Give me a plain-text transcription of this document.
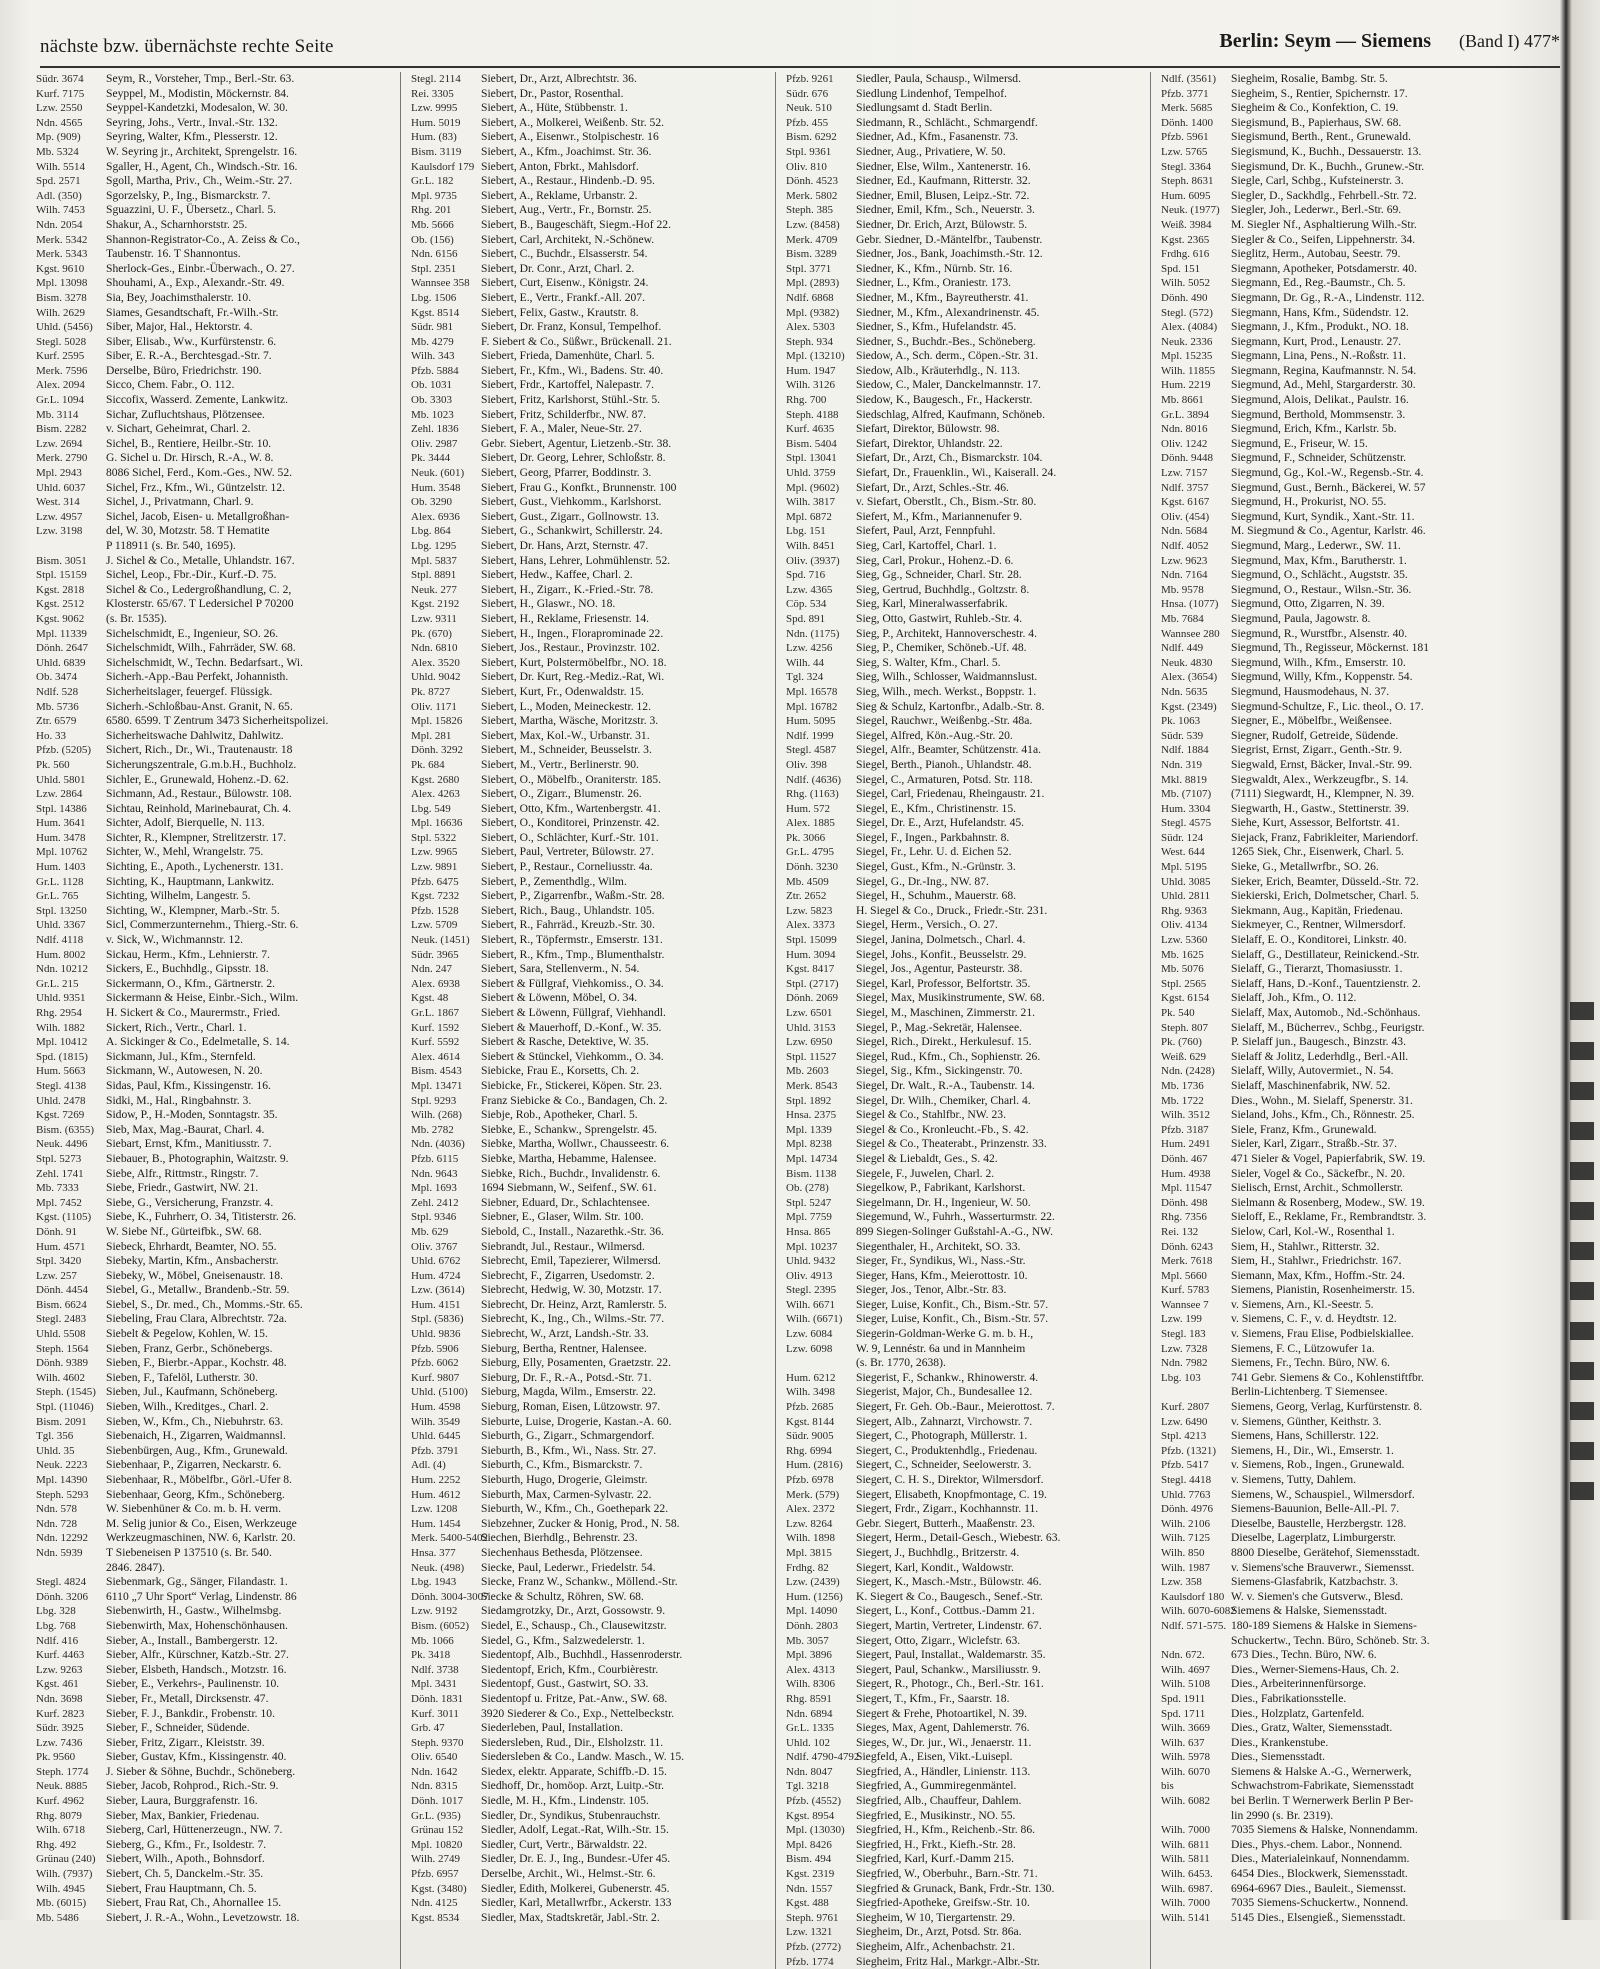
nächste bzw. übernächste rechte Seite	Berlin: Seym — Siemens (Band I) 477*
Südr. 3674	Seym, R., Vorsteher, Tmp., Berl.-Str. 63.
Kurf. 7175	Seyppel, M., Modistin, Möckernstr. 84.
Lzw. 2550	Seyppel-Kandetzki, Modesalon, W. 30.
Ndn. 4565	Seyring, Johs., Vertr., Inval.-Str. 132.
Mp. (909)	Seyring, Walter, Kfm., Plesserstr. 12.
Mb. 5324	W. Seyring jr., Architekt, Sprengelstr. 16.
Wilh. 5514	Sgaller, H., Agent, Ch., Windsch.-Str. 16.
Spd. 2571	Sgoll, Martha, Priv., Ch., Weim.-Str. 27.
Adl. (350)	Sgorzelsky, P., Ing., Bismarckstr. 7.
Wilh. 7453	Sguazzini, U. F., Übersetz., Charl. 5.
Ndn. 2054	Shakur, A., Scharnhorststr. 25.
Merk. 5342	Shannon-Registrator-Co., A. Zeiss & Co.,
Merk. 5343	Taubenstr. 16. T Shannontus.
Kgst. 9610	Sherlock-Ges., Einbr.-Überwach., O. 27.
Mpl. 13098	Shouhami, A., Exp., Alexandr.-Str. 49.
Bism. 3278	Sia, Bey, Joachimsthalerstr. 10.
Wilh. 2629	Siames, Gesandtschaft, Fr.-Wilh.-Str.
Uhld. (5456)	Siber, Major, Hal., Hektorstr. 4.
Stegl. 5028	Siber, Elisab., Ww., Kurfürstenstr. 6.
Kurf. 2595	Siber, E. R.-A., Berchtesgad.-Str. 7.
Merk. 7596	Derselbe, Büro, Friedrichstr. 190.
Alex. 2094	Sicco, Chem. Fabr., O. 112.
Gr.L. 1094	Siccofix, Wasserd. Zemente, Lankwitz.
Mb. 3114	Sichar, Zufluchtshaus, Plötzensee.
Bism. 2282	v. Sichart, Geheimrat, Charl. 2.
Lzw. 2694	Sichel, B., Rentiere, Heilbr.-Str. 10.
Merk. 2790	G. Sichel u. Dr. Hirsch, R.-A., W. 8.
Mpl. 2943	8086 Sichel, Ferd., Kom.-Ges., NW. 52.
Uhld. 6037	Sichel, Frz., Kfm., Wi., Güntzelstr. 12.
West. 314	Sichel, J., Privatmann, Charl. 9.
Lzw. 4957	Sichel, Jacob, Eisen- u. Metallgroßhan-
Lzw. 3198	del, W. 30, Motzstr. 58. T Hematite
P 118911 (s. Br. 540, 1695).
Bism. 3051	J. Sichel & Co., Metalle, Uhlandstr. 167.
Stpl. 15159	Sichel, Leop., Fbr.-Dir., Kurf.-D. 75.
Kgst. 2818	Sichel & Co., Ledergroßhandlung, C. 2,
Kgst. 2512	Klosterstr. 65/67. T Ledersichel P 70200
Kgst. 9062	(s. Br. 1535).
Mpl. 11339	Sichelschmidt, E., Ingenieur, SO. 26.
Dönh. 2647	Sichelschmidt, Wilh., Fahrräder, SW. 68.
Uhld. 6839	Sichelschmidt, W., Techn. Bedarfsart., Wi.
Ob. 3474	Sicherh.-App.-Bau Perfekt, Johannisth.
Ndlf. 528	Sicherheitslager, feuergef. Flüssigk.
Mb. 5736	Sicherh.-Schloßbau-Anst. Granit, N. 65.
Ztr. 6579	6580. 6599. T Zentrum 3473 Sicherheitspolizei.
Ho. 33	Sicherheitswache Dahlwitz, Dahlwitz.
Pfzb. (5205)	Sichert, Rich., Dr., Wi., Trautenaustr. 18
Pk. 560	Sicherungszentrale, G.m.b.H., Buchholz.
Uhld. 5801	Sichler, E., Grunewald, Hohenz.-D. 62.
Lzw. 2864	Sichmann, Ad., Restaur., Bülowstr. 108.
Stpl. 14386	Sichtau, Reinhold, Marinebaurat, Ch. 4.
Hum. 3641	Sichter, Adolf, Bierquelle, N. 113.
Hum. 3478	Sichter, R., Klempner, Strelitzerstr. 17.
Mpl. 10762	Sichter, W., Mehl, Wrangelstr. 75.
Hum. 1403	Sichting, E., Apoth., Lychenerstr. 131.
Gr.L. 1128	Sichting, K., Hauptmann, Lankwitz.
Gr.L. 765	Sichting, Wilhelm, Langestr. 5.
Stpl. 13250	Sichting, W., Klempner, Marb.-Str. 5.
Uhld. 3367	Sicl, Commerzunternehm., Thierg.-Str. 6.
Ndlf. 4118	v. Sick, W., Wichmannstr. 12.
Hum. 8002	Sickau, Herm., Kfm., Lehnierstr. 7.
Ndn. 10212	Sickers, E., Buchhdlg., Gipsstr. 18.
Gr.L. 215	Sickermann, O., Kfm., Gärtnerstr. 2.
Uhld. 9351	Sickermann & Heise, Einbr.-Sich., Wilm.
Rhg. 2954	H. Sickert & Co., Maurermstr., Fried.
Wilh. 1882	Sickert, Rich., Vertr., Charl. 1.
Mpl. 10412	A. Sickinger & Co., Edelmetalle, S. 14.
Spd. (1815)	Sickmann, Jul., Kfm., Sternfeld.
Hum. 5663	Sickmann, W., Autowesen, N. 20.
Stegl. 4138	Sidas, Paul, Kfm., Kissingenstr. 16.
Uhld. 2478	Sidki, M., Hal., Ringbahnstr. 3.
Kgst. 7269	Sidow, P., H.-Moden, Sonntagstr. 35.
Bism. (6355)	Sieb, Max, Mag.-Baurat, Charl. 4.
Neuk. 4496	Siebart, Ernst, Kfm., Manitiusstr. 7.
Stpl. 5273	Siebauer, B., Photographin, Waitzstr. 9.
Zehl. 1741	Siebe, Alfr., Rittmstr., Ringstr. 7.
Mb. 7333	Siebe, Friedr., Gastwirt, NW. 21.
Mpl. 7452	Siebe, G., Versicherung, Franzstr. 4.
Kgst. (1105)	Siebe, K., Fuhrherr, O. 34, Titisterstr. 26.
Dönh. 91	W. Siebe Nf., Gürteifbk., SW. 68.
Hum. 4571	Siebeck, Ehrhardt, Beamter, NO. 55.
Stpl. 3420	Siebeky, Martin, Kfm., Ansbacherstr.
Lzw. 257	Siebeky, W., Möbel, Gneisenaustr. 18.
Dönh. 4454	Siebel, G., Metallw., Brandenb.-Str. 59.
Bism. 6624	Siebel, S., Dr. med., Ch., Momms.-Str. 65.
Stegl. 2483	Siebeling, Frau Clara, Albrechtstr. 72a.
Uhld. 5508	Siebelt & Pegelow, Kohlen, W. 15.
Steph. 1564	Sieben, Franz, Gerbr., Schönebergs.
Dönh. 9389	Sieben, F., Bierbr.-Appar., Kochstr. 48.
Wilh. 4602	Sieben, F., Tafelöl, Lutherstr. 30.
Steph. (1545) Sieben, Jul., Kaufmann, Schöneberg.
Stpl. (11046)	Sieben, Wilh., Kreditges., Charl. 2.
Bism. 2091	Sieben, W., Kfm., Ch., Niebuhrstr. 63.
Tgl. 356	Siebenaich, H., Zigarren, Waidmannsl.
Uhld. 35	Siebenbürgen, Aug., Kfm., Grunewald.
Neuk. 2223	Siebenhaar, P., Zigarren, Neckarstr. 6.
Mpl. 14390	Siebenhaar, R., Möbelfbr., Görl.-Ufer 8.
Steph. 5293	Siebenhaar, Georg, Kfm., Schöneberg.
Ndn. 578	W. Siebenhüner & Co. m. b. H. verm.
Ndn. 728	M. Selig junior & Co., Eisen, Werkzeuge
Ndn. 12292	Werkzeugmaschinen, NW. 6, Karlstr. 20.
Ndn. 5939	T Siebeneisen P 137510 (s. Br. 540.
2846. 2847).
Stegl. 4824	Siebenmark, Gg., Sänger, Filandastr. 1.
Dönh. 3206	6110 „7 Uhr Sport“ Verlag, Lindenstr. 86
Lbg. 328	Siebenwirth, H., Gastw., Wilhelmsbg.
Lbg. 768	Siebenwirth, Max, Hohenschönhausen.
Ndlf. 416	Sieber, A., Install., Bambergerstr. 12.
Kurf. 4463	Sieber, Alfr., Kürschner, Katzb.-Str. 27.
Lzw. 9263	Sieber, Elsbeth, Handsch., Motzstr. 16.
Kgst. 461	Sieber, E., Verkehrs-, Paulinenstr. 10.
Ndn. 3698	Sieber, Fr., Metall, Dircksenstr. 47.
Kurf. 2823	Sieber, F. J., Bankdir., Frobenstr. 10.
Südr. 3925	Sieber, F., Schneider, Südende.
Lzw. 7436	Sieber, Fritz, Zigarr., Kleiststr. 39.
Pk. 9560	Sieber, Gustav, Kfm., Kissingenstr. 40.
Steph. 1774	J. Sieber & Söhne, Buchdr., Schöneberg.
Neuk. 8885	Sieber, Jacob, Rohprod., Rich.-Str. 9.
Kurf. 4962	Sieber, Laura, Burggrafenstr. 16.
Rhg. 8079	Sieber, Max, Bankier, Friedenau.
Wilh. 6718	Sieberg, Carl, Hüttenerzeugn., NW. 7.
Rhg. 492	Sieberg, G., Kfm., Fr., Isoldestr. 7.
Grünau (240) Siebert, Wilh., Apoth., Bohnsdorf.
Wilh. (7937)	Siebert, Ch. 5, Danckelm.-Str. 35.
Wilh. 4945	Siebert, Frau Hauptmann, Ch. 5.
Mb. (6015)	Siebert, Frau Rat, Ch., Ahornallee 15.
Mb. 5486	Siebert, J. R.-A., Wohn., Levetzowstr. 18.
Stegl. 2114	Siebert, Dr., Arzt, Albrechtstr. 36.
Rei. 3305	Siebert, Dr., Pastor, Rosenthal.
Lzw. 9995	Siebert, A., Hüte, Stübbenstr. 1.
Hum. 5019	Siebert, A., Molkerei, Weißenb. Str. 52.
Hum. (83)	Siebert, A., Eisenwr., Stolpischestr. 16
Bism. 3119	Siebert, A., Kfm., Joachimst. Str. 36.
Kaulsdorf 179 Siebert, Anton, Fbrkt., Mahlsdorf.
Gr.L. 182	Siebert, A., Restaur., Hindenb.-D. 95.
Mpl. 9735	Siebert, A., Reklame, Urbanstr. 2.
Rhg. 201	Siebert, Aug., Vertr., Fr., Bornstr. 25.
Mb. 5666	Siebert, B., Baugeschäft, Siegm.-Hof 22.
Ob. (156)	Siebert, Carl, Architekt, N.-Schönew.
Ndn. 6156	Siebert, C., Buchdr., Elsasserstr. 54.
Stpl. 2351	Siebert, Dr. Conr., Arzt, Charl. 2.
Wannsee 358 Siebert, Curt, Eisenw., Königstr. 24.
Lbg. 1506	Siebert, E., Vertr., Frankf.-All. 207.
Kgst. 8514	Siebert, Felix, Gastw., Krautstr. 8.
Südr. 981	Siebert, Dr. Franz, Konsul, Tempelhof.
Mb. 4279	F. Siebert & Co., Süßwr., Brückenall. 21.
Wilh. 343	Siebert, Frieda, Damenhüte, Charl. 5.
Pfzb. 5884	Siebert, Fr., Kfm., Wi., Badens. Str. 40.
Ob. 1031	Siebert, Frdr., Kartoffel, Nalepastr. 7.
Ob. 3303	Siebert, Fritz, Karlshorst, Stühl.-Str. 5.
Mb. 1023	Siebert, Fritz, Schilderfbr., NW. 87.
Zehl. 1836	Siebert, F. A., Maler, Neue-Str. 27.
Oliv. 2987	Gebr. Siebert, Agentur, Lietzenb.-Str. 38.
Pk. 3444	Siebert, Dr. Georg, Lehrer, Schloßstr. 8.
Neuk. (601)	Siebert, Georg, Pfarrer, Boddinstr. 3.
Hum. 3548	Siebert, Frau G., Konfkt., Brunnenstr. 100
Ob. 3290	Siebert, Gust., Viehkomm., Karlshorst.
Alex. 6936	Siebert, Gust., Zigarr., Gollnowstr. 13.
Lbg. 864	Siebert, G., Schankwirt, Schillerstr. 24.
Lbg. 1295	Siebert, Dr. Hans, Arzt, Sternstr. 47.
Mpl. 5837	Siebert, Hans, Lehrer, Lohmühlenstr. 52.
Stpl. 8891	Siebert, Hedw., Kaffee, Charl. 2.
Neuk. 277	Siebert, H., Zigarr., K.-Fried.-Str. 78.
Kgst. 2192	Siebert, H., Glaswr., NO. 18.
Lzw. 9311	Siebert, H., Reklame, Friesenstr. 14.
Pk. (670)	Siebert, H., Ingen., Floraprominade 22.
Ndn. 6810	Siebert, Jos., Restaur., Provinzstr. 102.
Alex. 3520	Siebert, Kurt, Polstermöbelfbr., NO. 18.
Uhld. 9042	Siebert, Dr. Kurt, Reg.-Mediz.-Rat, Wi.
Pk. 8727	Siebert, Kurt, Fr., Odenwaldstr. 15.
Oliv. 1171	Siebert, L., Moden, Meineckestr. 12.
Mpl. 15826	Siebert, Martha, Wäsche, Moritzstr. 3.
Mpl. 281	Siebert, Max, Kol.-W., Urbanstr. 31.
Dönh. 3292	Siebert, M., Schneider, Beusselstr. 3.
Pk. 684	Siebert, M., Vertr., Berlinerstr. 90.
Kgst. 2680	Siebert, O., Möbelfb., Oraniterstr. 185.
Alex. 4263	Siebert, O., Zigarr., Blumenstr. 26.
Lbg. 549	Siebert, Otto, Kfm., Wartenbergstr. 41.
Mpl. 16636	Siebert, O., Konditorei, Prinzenstr. 42.
Stpl. 5322	Siebert, O., Schlächter, Kurf.-Str. 101.
Lzw. 9965	Siebert, Paul, Vertreter, Bülowstr. 27.
Lzw. 9891	Siebert, P., Restaur., Corneliusstr. 4a.
Pfzb. 6475	Siebert, P., Zementhdlg., Wilm.
Kgst. 7232	Siebert, P., Zigarrenfbr., Waßm.-Str. 28.
Pfzb. 1528	Siebert, Rich., Baug., Uhlandstr. 105.
Lzw. 5709	Siebert, R., Fahrräd., Kreuzb.-Str. 30.
Neuk. (1451) Siebert, R., Töpfermstr., Emserstr. 131.
Südr. 3965	Siebert, R., Kfm., Tmp., Blumenthalstr.
Ndn. 247	Siebert, Sara, Stellenverm., N. 54.
Alex. 6938	Siebert & Füllgraf, Viehkomiss., O. 34.
Kgst. 48	Siebert & Löwenn, Möbel, O. 34.
Gr.L. 1867	Siebert & Löwenn, Füllgraf, Viehhandl.
Kurf. 1592	Siebert & Mauerhoff, D.-Konf., W. 35.
Kurf. 5592	Siebert & Rasche, Detektive, W. 35.
Alex. 4614	Siebert & Stünckel, Viehkomm., O. 34.
Bism. 4543	Siebicke, Frau E., Korsetts, Ch. 2.
Mpl. 13471	Siebicke, Fr., Stickerei, Köpen. Str. 23.
Stpl. 9293	Franz Siebicke & Co., Bandagen, Ch. 2.
Wilh. (268)	Siebje, Rob., Apotheker, Charl. 5.
Mb. 2782	Siebke, E., Schankw., Sprengelstr. 45.
Ndn. (4036)	Siebke, Martha, Wollwr., Chausseestr. 6.
Pfzb. 6115	Siebke, Martha, Hebamme, Halensee.
Ndn. 9643	Siebke, Rich., Buchdr., Invalidenstr. 6.
Mpl. 1693	1694 Siebmann, W., Seifenf., SW. 61.
Zehl. 2412	Siebner, Eduard, Dr., Schlachtensee.
Stpl. 9346	Siebner, E., Glaser, Wilm. Str. 100.
Mb. 629	Siebold, C., Install., Nazarethk.-Str. 36.
Oliv. 3767	Siebrandt, Jul., Restaur., Wilmersd.
Uhld. 6762	Siebrecht, Emil, Tapezierer, Wilmersd.
Hum. 4724	Siebrecht, F., Zigarren, Usedomstr. 2.
Lzw. (3614)	Siebrecht, Hedwig, W. 30, Motzstr. 17.
Hum. 4151	Siebrecht, Dr. Heinz, Arzt, Ramlerstr. 5.
Stpl. (5836)	Siebrecht, K., Ing., Ch., Wilms.-Str. 77.
Uhld. 9836	Siebrecht, W., Arzt, Landsh.-Str. 33.
Pfzb. 5906	Sieburg, Bertha, Rentner, Halensee.
Pfzb. 6062	Sieburg, Elly, Posamenten, Graetzstr. 22.
Kurf. 9807	Sieburg, Dr. F., R.-A., Potsd.-Str. 71.
Uhld. (5100)	Sieburg, Magda, Wilm., Emserstr. 22.
Hum. 4598	Sieburg, Roman, Eisen, Lützowstr. 97.
Wilh. 3549	Sieburte, Luise, Drogerie, Kastan.-A. 60.
Uhld. 6445	Sieburth, G., Zigarr., Schmargendorf.
Pfzb. 3791	Sieburth, B., Kfm., Wi., Nass. Str. 27.
Adl. (4)	Sieburth, C., Kfm., Bismarckstr. 7.
Hum. 2252	Sieburth, Hugo, Drogerie, Gleimstr.
Hum. 4612	Sieburth, Max, Carmen-Sylvastr. 22.
Lzw. 1208	Sieburth, W., Kfm., Ch., Goethepark 22.
Hum. 1454	Siebzehner, Zucker & Honig, Prod., N. 58.
Merk. 5400-5402
Siechen, Bierhdlg., Behrenstr. 23.
Hnsa. 377	Siechenhaus Bethesda, Plötzensee.
Neuk. (498)	Siecke, Paul, Lederwr., Friedelstr. 54.
Lbg. 1943	Siecke, Franz W., Schankw., Möllend.-Str.
Dönh. 3004-3007
Siecke & Schultz, Röhren, SW. 68.
Lzw. 9192	Siedamgrotzky, Dr., Arzt, Gossowstr. 9.
Bism. (6052)	Siedel, E., Schausp., Ch., Clausewitzstr.
Mb. 1066	Siedel, G., Kfm., Salzwedelerstr. 1.
Pk. 3418	Siedentopf, Alb., Buchhdl., Hassenroderstr.
Ndlf. 3738	Siedentopf, Erich, Kfm., Courbièrestr.
Mpl. 3431	Siedentopf, Gust., Gastwirt, SO. 33.
Dönh. 1831	Siedentopf u. Fritze, Pat.-Anw., SW. 68.
Kurf. 3011	3920 Siederer & Co., Exp., Nettelbeckstr.
Grb. 47	Siederleben, Paul, Installation.
Steph. 9370	Siedersleben, Rud., Dir., Elsholzstr. 11.
Oliv. 6540	Siedersleben & Co., Landw. Masch., W. 15.
Ndn. 1642	Siedex, elektr. Apparate, Schiffb.-D. 15.
Ndn. 8315	Siedhoff, Dr., homöop. Arzt, Luitp.-Str.
Dönh. 1017	Siedle, M. H., Kfm., Lindenstr. 105.
Gr.L. (935)	Siedler, Dr., Syndikus, Stubenrauchstr.
Grünau 152	Siedler, Adolf, Legat.-Rat, Wilh.-Str. 15.
Mpl. 10820	Siedler, Curt, Vertr., Bärwaldstr. 22.
Wilh. 2749	Siedler, Dr. E. J., Ing., Bundesr.-Ufer 45.
Pfzb. 6957	Derselbe, Archit., Wi., Helmst.-Str. 6.
Kgst. (3480)	Siedler, Edith, Molkerei, Gubenerstr. 45.
Ndn. 4125	Siedler, Karl, Metallwrfbr., Ackerstr. 133
Kgst. 8534	Siedler, Max, Stadtskretär, Jabl.-Str. 2.
Pfzb. 9261	Siedler, Paula, Schausp., Wilmersd.
Südr. 676	Siedlung Lindenhof, Tempelhof.
Neuk. 510	Siedlungsamt d. Stadt Berlin.
Pfzb. 455	Siedmann, R., Schlächt., Schmargendf.
Bism. 6292	Siedner, Ad., Kfm., Fasanenstr. 73.
Stpl. 9361	Siedner, Aug., Privatiere, W. 50.
Oliv. 810	Siedner, Else, Wilm., Xantenerstr. 16.
Dönh. 4523	Siedner, Ed., Kaufmann, Ritterstr. 32.
Merk. 5802	Siedner, Emil, Blusen, Leipz.-Str. 72.
Steph. 385	Siedner, Emil, Kfm., Sch., Neuerstr. 3.
Lzw. (8458)	Siedner, Dr. Erich, Arzt, Bülowstr. 5.
Merk. 4709	Gebr. Siedner, D.-Mäntelfbr., Taubenstr.
Bism. 3289	Siedner, Jos., Bank, Joachimsth.-Str. 12.
Stpl. 3771	Siedner, K., Kfm., Nürnb. Str. 16.
Mpl. (2893)	Siedner, L., Kfm., Oraniestr. 173.
Ndlf. 6868	Siedner, M., Kfm., Bayreutherstr. 41.
Mpl. (9382)	Siedner, M., Kfm., Alexandrinenstr. 45.
Alex. 5303	Siedner, S., Kfm., Hufelandstr. 45.
Steph. 934	Siedner, S., Buchdr.-Bes., Schöneberg.
Mpl. (13210) Siedow, A., Sch. derm., Cöpen.-Str. 31.
Hum. 1947	Siedow, Alb., Kräuterhdlg., N. 113.
Wilh. 3126	Siedow, C., Maler, Danckelmannstr. 17.
Rhg. 700	Siedow, K., Baugesch., Fr., Hackerstr.
Steph. 4188	Siedschlag, Alfred, Kaufmann, Schöneb.
Kurf. 4635	Siefart, Direktor, Bülowstr. 98.
Bism. 5404	Siefart, Direktor, Uhlandstr. 22.
Stpl. 13041	Siefart, Dr., Arzt, Ch., Bismarckstr. 104.
Uhld. 3759	Siefart, Dr., Frauenklin., Wi., Kaiserall. 24.
Mpl. (9602)	Siefart, Dr., Arzt, Schles.-Str. 46.
Wilh. 3817	v. Siefart, Oberstlt., Ch., Bism.-Str. 80.
Mpl. 6872	Siefert, M., Kfm., Mariannenufer 9.
Lbg. 151	Siefert, Paul, Arzt, Fennpfuhl.
Wilh. 8451	Sieg, Carl, Kartoffel, Charl. 1.
Oliv. (3937)	Sieg, Carl, Prokur., Hohenz.-D. 6.
Spd. 716	Sieg, Gg., Schneider, Charl. Str. 28.
Lzw. 4365	Sieg, Gertrud, Buchhdlg., Goltzstr. 8.
Cöp. 534	Sieg, Karl, Mineralwasserfabrik.
Spd. 891	Sieg, Otto, Gastwirt, Ruhleb.-Str. 4.
Ndn. (1175)	Sieg, P., Architekt, Hannoverschestr. 4.
Lzw. 4256	Sieg, P., Chemiker, Schöneb.-Uf. 48.
Wilh. 44	Sieg, S. Walter, Kfm., Charl. 5.
Tgl. 324	Sieg, Wilh., Schlosser, Waidmannslust.
Mpl. 16578	Sieg, Wilh., mech. Werkst., Boppstr. 1.
Mpl. 16782	Sieg & Schulz, Kartonfbr., Adalb.-Str. 8.
Hum. 5095	Siegel, Rauchwr., Weißenbg.-Str. 48a.
Ndlf. 1999	Siegel, Alfred, Kön.-Aug.-Str. 20.
Stegl. 4587	Siegel, Alfr., Beamter, Schützenstr. 41a.
Oliv. 398	Siegel, Berth., Pianoh., Uhlandstr. 48.
Ndlf. (4636)	Siegel, C., Armaturen, Potsd. Str. 118.
Rhg. (1163)	Siegel, Carl, Friedenau, Rheingaustr. 21.
Hum. 572	Siegel, E., Kfm., Christinenstr. 15.
Alex. 1885	Siegel, Dr. E., Arzt, Hufelandstr. 45.
Pk. 3066	Siegel, F., Ingen., Parkbahnstr. 8.
Gr.L. 4795	Siegel, Fr., Lehr. U. d. Eichen 52.
Dönh. 3230	Siegel, Gust., Kfm., N.-Grünstr. 3.
Mb. 4509	Siegel, G., Dr.-Ing., NW. 87.
Ztr. 2652	Siegel, H., Schuhm., Mauerstr. 68.
Lzw. 5823	H. Siegel & Co., Druck., Friedr.-Str. 231.
Alex. 3373	Siegel, Herm., Versich., O. 27.
Stpl. 15099	Siegel, Janina, Dolmetsch., Charl. 4.
Hum. 3094	Siegel, Johs., Konfit., Beusselstr. 29.
Kgst. 8417	Siegel, Jos., Agentur, Pasteurstr. 38.
Stpl. (2717)	Siegel, Karl, Professor, Belfortstr. 35.
Dönh. 2069	Siegel, Max, Musikinstrumente, SW. 68.
Lzw. 6501	Siegel, M., Maschinen, Zimmerstr. 21.
Uhld. 3153	Siegel, P., Mag.-Sekretär, Halensee.
Lzw. 6950	Siegel, Rich., Direkt., Herkulesuf. 15.
Stpl. 11527	Siegel, Rud., Kfm., Ch., Sophienstr. 26.
Mb. 2603	Siegel, Sig., Kfm., Sickingenstr. 70.
Merk. 8543	Siegel, Dr. Walt., R.-A., Taubenstr. 14.
Stpl. 1892	Siegel, Dr. Wilh., Chemiker, Charl. 4.
Hnsa. 2375	Siegel & Co., Stahlfbr., NW. 23.
Mpl. 1339	Siegel & Co., Kronleucht.-Fb., S. 42.
Mpl. 8238	Siegel & Co., Theaterabt., Prinzenstr. 33.
Mpl. 14734	Siegel & Liebaldt, Ges., S. 42.
Bism. 1138	Siegele, F., Juwelen, Charl. 2.
Ob. (278)	Siegelkow, P., Fabrikant, Karlshorst.
Stpl. 5247	Siegelmann, Dr. H., Ingenieur, W. 50.
Mpl. 7759	Siegemund, W., Fuhrh., Wasserturmstr. 22.
Hnsa. 865	899 Siegen-Solinger Gußstahl-A.-G., NW.
Mpl. 10237	Siegenthaler, H., Architekt, SO. 33.
Uhld. 9432	Sieger, Fr., Syndikus, Wi., Nass.-Str.
Oliv. 4913	Sieger, Hans, Kfm., Meierottostr. 10.
Stegl. 2395	Sieger, Jos., Tenor, Albr.-Str. 83.
Wilh. 6671	Sieger, Luise, Konfit., Ch., Bism.-Str. 57.
Wilh. (6671)	Sieger, Luise, Konfit., Ch., Bism.-Str. 57.
Lzw. 6084	Siegerin-Goldman-Werke G. m. b. H.,
Lzw. 6098	W. 9, Lennéstr. 6a und in Mannheim
(s. Br. 1770, 2638).
Hum. 6212	Siegerist, F., Schankw., Rhinowerstr. 4.
Wilh. 3498	Siegerist, Major, Ch., Bundesallee 12.
Pfzb. 2685	Siegert, Fr. Geh. Ob.-Baur., Meierottost. 7.
Kgst. 8144	Siegert, Alb., Zahnarzt, Virchowstr. 7.
Südr. 9005	Siegert, C., Photograph, Müllerstr. 1.
Rhg. 6994	Siegert, C., Produktenhdlg., Friedenau.
Hum. (2816)	Siegert, C., Schneider, Seelowerstr. 3.
Pfzb. 6978	Siegert, C. H. S., Direktor, Wilmersdorf.
Merk. (579)	Siegert, Elisabeth, Knopfmontage, C. 19.
Alex. 2372	Siegert, Frdr., Zigarr., Kochhannstr. 11.
Lzw. 8264	Gebr. Siegert, Butterh., Maaßenstr. 23.
Wilh. 1898	Siegert, Herm., Detail-Gesch., Wiebestr. 63.
Mpl. 3815	Siegert, J., Buchhdlg., Britzerstr. 4.
Frdhg. 82	Siegert, Karl, Kondit., Waldowstr.
Lzw. (2439)	Siegert, K., Masch.-Mstr., Bülowstr. 46.
Hum. (1256)	K. Siegert & Co., Baugesch., Senef.-Str.
Mpl. 14090	Siegert, L., Konf., Cottbus.-Damm 21.
Dönh. 2803	Siegert, Martin, Vertreter, Lindenstr. 67.
Mb. 3057	Siegert, Otto, Zigarr., Wiclefstr. 63.
Mpl. 3896	Siegert, Paul, Installat., Waldemarstr. 35.
Alex. 4313	Siegert, Paul, Schankw., Marsiliusstr. 9.
Wilh. 8306	Siegert, R., Photogr., Ch., Berl.-Str. 161.
Rhg. 8591	Siegert, T., Kfm., Fr., Saarstr. 18.
Ndn. 6894	Siegert & Frehe, Photoartikel, N. 39.
Gr.L. 1335	Sieges, Max, Agent, Dahlemerstr. 76.
Uhld. 102	Sieges, W., Dr. jur., Wi., Jenaerstr. 11.
Ndlf. 4790-4792
Siegfeld, A., Eisen, Vikt.-Luisepl.
Ndn. 8047	Siegfried, A., Händler, Linienstr. 113.
Tgl. 3218	Siegfried, A., Gummiregenmäntel.
Pfzb. (4552)	Siegfried, Alb., Chauffeur, Dahlem.
Kgst. 8954	Siegfried, E., Musikinstr., NO. 55.
Mpl. (13030) Siegfried, H., Kfm., Reichenb.-Str. 86.
Mpl. 8426	Siegfried, H., Frkt., Kiefh.-Str. 28.
Bism. 494	Siegfried, Karl, Kurf.-Damm 215.
Kgst. 2319	Siegfried, W., Oberbuhr., Barn.-Str. 71.
Ndn. 1557	Siegfried & Grunack, Bank, Frdr.-Str. 130.
Kgst. 488	Siegfried-Apotheke, Greifsw.-Str. 10.
Steph. 9761	Siegheim, W 10, Tiergartenstr. 29.
Lzw. 1321	Siegheim, Dr., Arzt, Potsd. Str. 86a.
Pfzb. (2772)	Siegheim, Alfr., Achenbachstr. 21.
Pfzb. 1774	Siegheim, Fritz Hal., Markgr.-Albr.-Str.
Ndlf. (3561)	Siegheim, Rosalie, Bambg. Str. 5.
Pfzb. 3771	Siegheim, S., Rentier, Spichernstr. 17.
Merk. 5685	Siegheim & Co., Konfektion, C. 19.
Dönh. 1400	Siegismund, B., Papierhaus, SW. 68.
Pfzb. 5961	Siegismund, Berth., Rent., Grunewald.
Lzw. 5765	Siegismund, K., Buchh., Dessauerstr. 13.
Stegl. 3364	Siegismund, Dr. K., Buchh., Grunew.-Str.
Steph. 8631	Siegle, Carl, Schbg., Kufsteinerstr. 3.
Hum. 6095	Siegler, D., Sackhdlg., Fehrbell.-Str. 72.
Neuk. (1977) Siegler, Joh., Lederwr., Berl.-Str. 69.
Weiß. 3984	M. Siegler Nf., Asphaltierung Wilh.-Str.
Kgst. 2365	Siegler & Co., Seifen, Lippehnerstr. 34.
Frdhg. 616	Sieglitz, Herm., Autobau, Seestr. 79.
Spd. 151	Siegmann, Apotheker, Potsdamerstr. 40.
Wilh. 5052	Siegmann, Ed., Reg.-Baumstr., Ch. 5.
Dönh. 490	Siegmann, Dr. Gg., R.-A., Lindenstr. 112.
Stegl. (572)	Siegmann, Hans, Kfm., Südendstr. 12.
Alex. (4084)	Siegmann, J., Kfm., Produkt., NO. 18.
Neuk. 2336	Siegmann, Kurt, Prod., Lenaustr. 27.
Mpl. 15235	Siegmann, Lina, Pens., N.-Roßstr. 11.
Wilh. 11855	Siegmann, Regina, Kaufmannstr. N. 54.
Hum. 2219	Siegmund, Ad., Mehl, Stargarderstr. 30.
Mb. 8661	Siegmund, Alois, Delikat., Paulstr. 16.
Gr.L. 3894	Siegmund, Berthold, Mommsenstr. 3.
Ndn. 8016	Siegmund, Erich, Kfm., Karlstr. 5b.
Oliv. 1242	Siegmund, E., Friseur, W. 15.
Dönh. 9448	Siegmund, F., Schneider, Schützenstr.
Lzw. 7157	Siegmund, Gg., Kol.-W., Regensb.-Str. 4.
Ndlf. 3757	Siegmund, Gust., Bernh., Bäckerei, W. 57
Kgst. 6167	Siegmund, H., Prokurist, NO. 55.
Oliv. (454)	Siegmund, Kurt, Syndik., Xant.-Str. 11.
Ndn. 5684	M. Siegmund & Co., Agentur, Karlstr. 46.
Ndlf. 4052	Siegmund, Marg., Lederwr., SW. 11.
Lzw. 9623	Siegmund, Max, Kfm., Barutherstr. 1.
Ndn. 7164	Siegmund, O., Schlächt., Augststr. 35.
Mb. 9578	Siegmund, O., Restaur., Wilsn.-Str. 36.
Hnsa. (1077)	Siegmund, Otto, Zigarren, N. 39.
Mb. 7684	Siegmund, Paula, Jagowstr. 8.
Wannsee 280 Siegmund, R., Wurstfbr., Alsenstr. 40.
Ndlf. 449	Siegmund, Th., Regisseur, Möckernst. 181
Neuk. 4830	Siegmund, Wilh., Kfm., Emserstr. 10.
Alex. (3654)	Siegmund, Willy, Kfm., Koppenstr. 54.
Ndn. 5635	Siegmund, Hausmodehaus, N. 37.
Kgst. (2349)	Siegmund-Schultze, F., Lic. theol., O. 17.
Pk. 1063	Siegner, E., Möbelfbr., Weißensee.
Südr. 539	Siegner, Rudolf, Getreide, Südende.
Ndlf. 1884	Siegrist, Ernst, Zigarr., Genth.-Str. 9.
Ndn. 319	Siegwald, Ernst, Bäcker, Inval.-Str. 99.
Mkl. 8819	Siegwaldt, Alex., Werkzeugfbr., S. 14.
Mb. (7107)	(7111) Siegwardt, H., Klempner, N. 39.
Hum. 3304	Siegwarth, H., Gastw., Stettinerstr. 39.
Stegl. 4575	Siehe, Kurt, Assessor, Belfortstr. 41.
Südr. 124	Siejack, Franz, Fabrikleiter, Mariendorf.
West. 644	1265 Siek, Chr., Eisenwerk, Charl. 5.
Mpl. 5195	Sieke, G., Metallwrfbr., SO. 26.
Uhld. 3085	Sieker, Erich, Beamter, Düsseld.-Str. 72.
Uhld. 2811	Siekierski, Erich, Dolmetscher, Charl. 5.
Rhg. 9363	Siekmann, Aug., Kapitän, Friedenau.
Oliv. 4134	Siekmeyer, C., Rentner, Wilmersdorf.
Lzw. 5360	Sielaff, E. O., Konditorei, Linkstr. 40.
Mb. 1625	Sielaff, G., Destillateur, Reinickend.-Str.
Mb. 5076	Sielaff, G., Tierarzt, Thomasiusstr. 1.
Stpl. 2565	Sielaff, Hans, D.-Konf., Tauentzienstr. 2.
Kgst. 6154	Sielaff, Joh., Kfm., O. 112.
Pk. 540	Sielaff, Max, Automob., Nd.-Schönhaus.
Steph. 807	Sielaff, M., Bücherrev., Schbg., Feurigstr.
Pk. (760)	P. Sielaff jun., Baugesch., Binzstr. 43.
Weiß. 629	Sielaff & Jolitz, Lederhdlg., Berl.-All.
Ndn. (2428)	Sielaff, Willy, Autovermiet., N. 54.
Mb. 1736	Sielaff, Maschinenfabrik, NW. 52.
Mb. 1722	Dies., Wohn., M. Sielaff, Spenerstr. 31.
Wilh. 3512	Sieland, Johs., Kfm., Ch., Rönnestr. 25.
Pfzb. 3187	Siele, Franz, Kfm., Grunewald.
Hum. 2491	Sieler, Karl, Zigarr., Straßb.-Str. 37.
Dönh. 467	471 Sieler & Vogel, Papierfabrik, SW. 19.
Hum. 4938	Sieler, Vogel & Co., Säckefbr., N. 20.
Mpl. 11547	Sielisch, Ernst, Archit., Schmollerstr.
Dönh. 498	Sielmann & Rosenberg, Modew., SW. 19.
Rhg. 7356	Sieloff, E., Reklame, Fr., Rembrandtstr. 3.
Rei. 132	Sielow, Carl, Kol.-W., Rosenthal 1.
Dönh. 6243	Siem, H., Stahlwr., Ritterstr. 32.
Merk. 7618	Siem, H., Stahlwr., Friedrichstr. 167.
Mpl. 5660	Siemann, Max, Kfm., Hoffm.-Str. 24.
Kurf. 5783	Siemens, Pianistin, Rosenheimerstr. 15.
Wannsee 7	v. Siemens, Arn., Kl.-Seestr. 5.
Lzw. 199	v. Siemens, C. F., v. d. Heydtstr. 12.
Stegl. 183	v. Siemens, Frau Elise, Podbielskiallee.
Lzw. 7328	Siemens, F. C., Lützowufer 1a.
Ndn. 7982	Siemens, Fr., Techn. Büro, NW. 6.
Lbg. 103	741 Gebr. Siemens & Co., Kohlenstiftfbr.
Berlin-Lichtenberg. T Siemensee.
Kurf. 2807	Siemens, Georg, Verlag, Kurfürstenstr. 8.
Lzw. 6490	v. Siemens, Günther, Keithstr. 3.
Stpl. 4213	Siemens, Hans, Schillerstr. 122.
Pfzb. (1321)	Siemens, H., Dir., Wi., Emserstr. 1.
Pfzb. 5417	v. Siemens, Rob., Ingen., Grunewald.
Stegl. 4418	v. Siemens, Tutty, Dahlem.
Uhld. 7763	Siemens, W., Schauspiel., Wilmersdorf.
Dönh. 4976	Siemens-Bauunion, Belle-All.-Pl. 7.
Wilh. 2106	Dieselbe, Baustelle, Herzbergstr. 128.
Wilh. 7125	Dieselbe, Lagerplatz, Limburgerstr.
Wilh. 850	8800 Dieselbe, Gerätehof, Siemensstadt.
Wilh. 1987	v. Siemens'sche Brauverwr., Siemensst.
Lzw. 358	Siemens-Glasfabrik, Katzbachstr. 3.
Kaulsdorf 180 W. v. Siemen's che Gutsverw., Blesd.
Wilh. 6070-6082
Siemens & Halske, Siemensstadt.
Ndlf. 571-575. 180-189 Siemens & Halske in Siemens-
Schuckertw., Techn. Büro, Schöneb. Str. 3.
Ndn. 672.	673 Dies., Techn. Büro, NW. 6.
Wilh. 4697	Dies., Werner-Siemens-Haus, Ch. 2.
Wilh. 5108	Dies., Arbeiterinnenfürsorge.
Spd. 1911	Dies., Fabrikationsstelle.
Spd. 1711	Dies., Holzplatz, Gartenfeld.
Wilh. 3669	Dies., Gratz, Walter, Siemensstadt.
Wilh. 637	Dies., Krankenstube.
Wilh. 5978	Dies., Siemensstadt.
Wilh. 6070	Siemens & Halske A.-G., Wernerwerk,
bis	Schwachstrom-Fabrikate, Siemensstadt
Wilh. 6082	bei Berlin. T Wernerwerk Berlin P Ber-
lin 2990 (s. Br. 2319).
Wilh. 7000	7035 Siemens & Halske, Nonnendamm.
Wilh. 6811	Dies., Phys.-chem. Labor., Nonnend.
Wilh. 5811	Dies., Materialeinkauf, Nonnendamm.
Wilh. 6453.	6454 Dies., Blockwerk, Siemensstadt.
Wilh. 6987.	6964-6967 Dies., Bauleit., Siemensst.
Wilh. 7000	7035 Siemens-Schuckertw., Nonnend.
Wilh. 5141	5145 Dies., Elsengieß., Siemensstadt.
